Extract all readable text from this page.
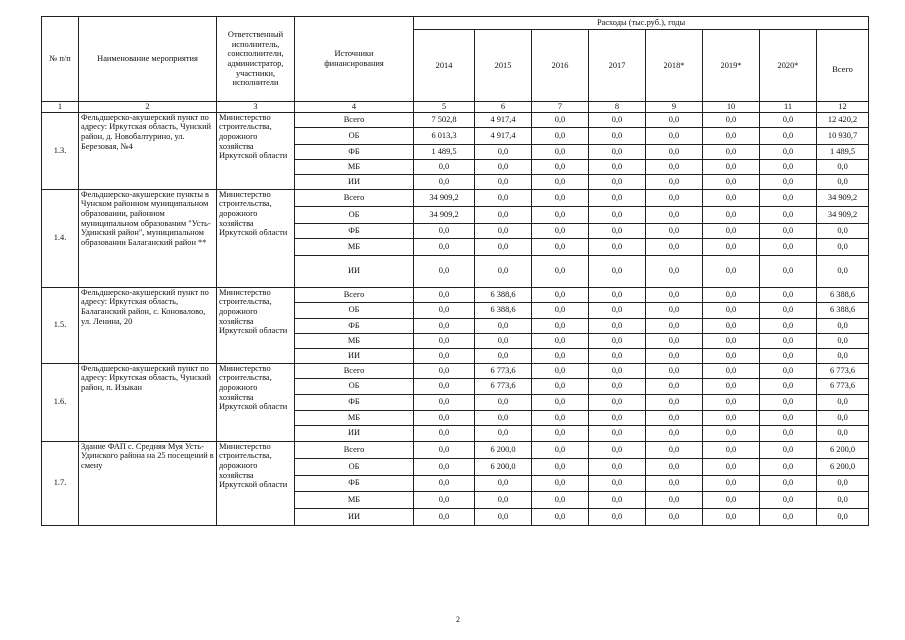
№ п/п	Наименование мероприятия	Ответственный исполнитель, соисполнители, администратор, участники, исполнители	Источники финансирования	Расходы (тыс.руб.), годы							
				2014	2015	2016	2017	2018*	2019*	2020*	Всего
1	2	3	4	5	6	7	8	9	10	11	12
1.3.	Фельдшерско-акушерский пункт по адресу: Иркутская область, Чунский район, д. Новобалтурино, ул. Березовая, №4	Министерство строительства, дорожного хозяйства Иркутской области	Всего	7 502,8	4 917,4	0,0	0,0	0,0	0,0	0,0	12 420,2
			ОБ	6 013,3	4 917,4	0,0	0,0	0,0	0,0	0,0	10 930,7
			ФБ	1 489,5	0,0	0,0	0,0	0,0	0,0	0,0	1 489,5
			МБ	0,0	0,0	0,0	0,0	0,0	0,0	0,0	0,0
			ИИ	0,0	0,0	0,0	0,0	0,0	0,0	0,0	0,0
1.4.	Фельдшерско-акушерские пункты в Чунском районном муниципальном образовании, районном муниципальном образованим "Усть-Удинский район", муниципальном образовании Балаганский район **	Министерство строительства, дорожного хозяйства Иркутской области	Всего	34 909,2	0,0	0,0	0,0	0,0	0,0	0,0	34 909,2
			ОБ	34 909,2	0,0	0,0	0,0	0,0	0,0	0,0	34 909,2
			ФБ	0,0	0,0	0,0	0,0	0,0	0,0	0,0	0,0
			МБ	0,0	0,0	0,0	0,0	0,0	0,0	0,0	0,0
			ИИ	0,0	0,0	0,0	0,0	0,0	0,0	0,0	0,0
1.5.	Фельдшерско-акушерский пункт по адресу: Иркутская область, Балаганский район, с. Коновалово, ул. Ленина, 20	Министерство строительства, дорожного хозяйства Иркутской области	Всего	0,0	6 388,6	0,0	0,0	0,0	0,0	0,0	6 388,6
			ОБ	0,0	6 388,6	0,0	0,0	0,0	0,0	0,0	6 388,6
			ФБ	0,0	0,0	0,0	0,0	0,0	0,0	0,0	0,0
			МБ	0,0	0,0	0,0	0,0	0,0	0,0	0,0	0,0
			ИИ	0,0	0,0	0,0	0,0	0,0	0,0	0,0	0,0
1.6.	Фельдшерско-акушерский пункт по адресу: Иркутская область, Чунский район, п. Изыкан	Министерство строительства, дорожного хозяйства Иркутской области	Всего	0,0	6 773,6	0,0	0,0	0,0	0,0	0,0	6 773,6
			ОБ	0,0	6 773,6	0,0	0,0	0,0	0,0	0,0	6 773,6
			ФБ	0,0	0,0	0,0	0,0	0,0	0,0	0,0	0,0
			МБ	0,0	0,0	0,0	0,0	0,0	0,0	0,0	0,0
			ИИ	0,0	0,0	0,0	0,0	0,0	0,0	0,0	0,0
1.7.	Здание ФАП с. Средняя Муя Усть-Удинского района на 25 посещений в смену	Министерство строительства, дорожного хозяйства Иркутской области	Всего	0,0	6 200,0	0,0	0,0	0,0	0,0	0,0	6 200,0
			ОБ	0,0	6 200,0	0,0	0,0	0,0	0,0	0,0	6 200,0
			ФБ	0,0	0,0	0,0	0,0	0,0	0,0	0,0	0,0
			МБ	0,0	0,0	0,0	0,0	0,0	0,0	0,0	0,0
			ИИ	0,0	0,0	0,0	0,0	0,0	0,0	0,0	0,0
2
